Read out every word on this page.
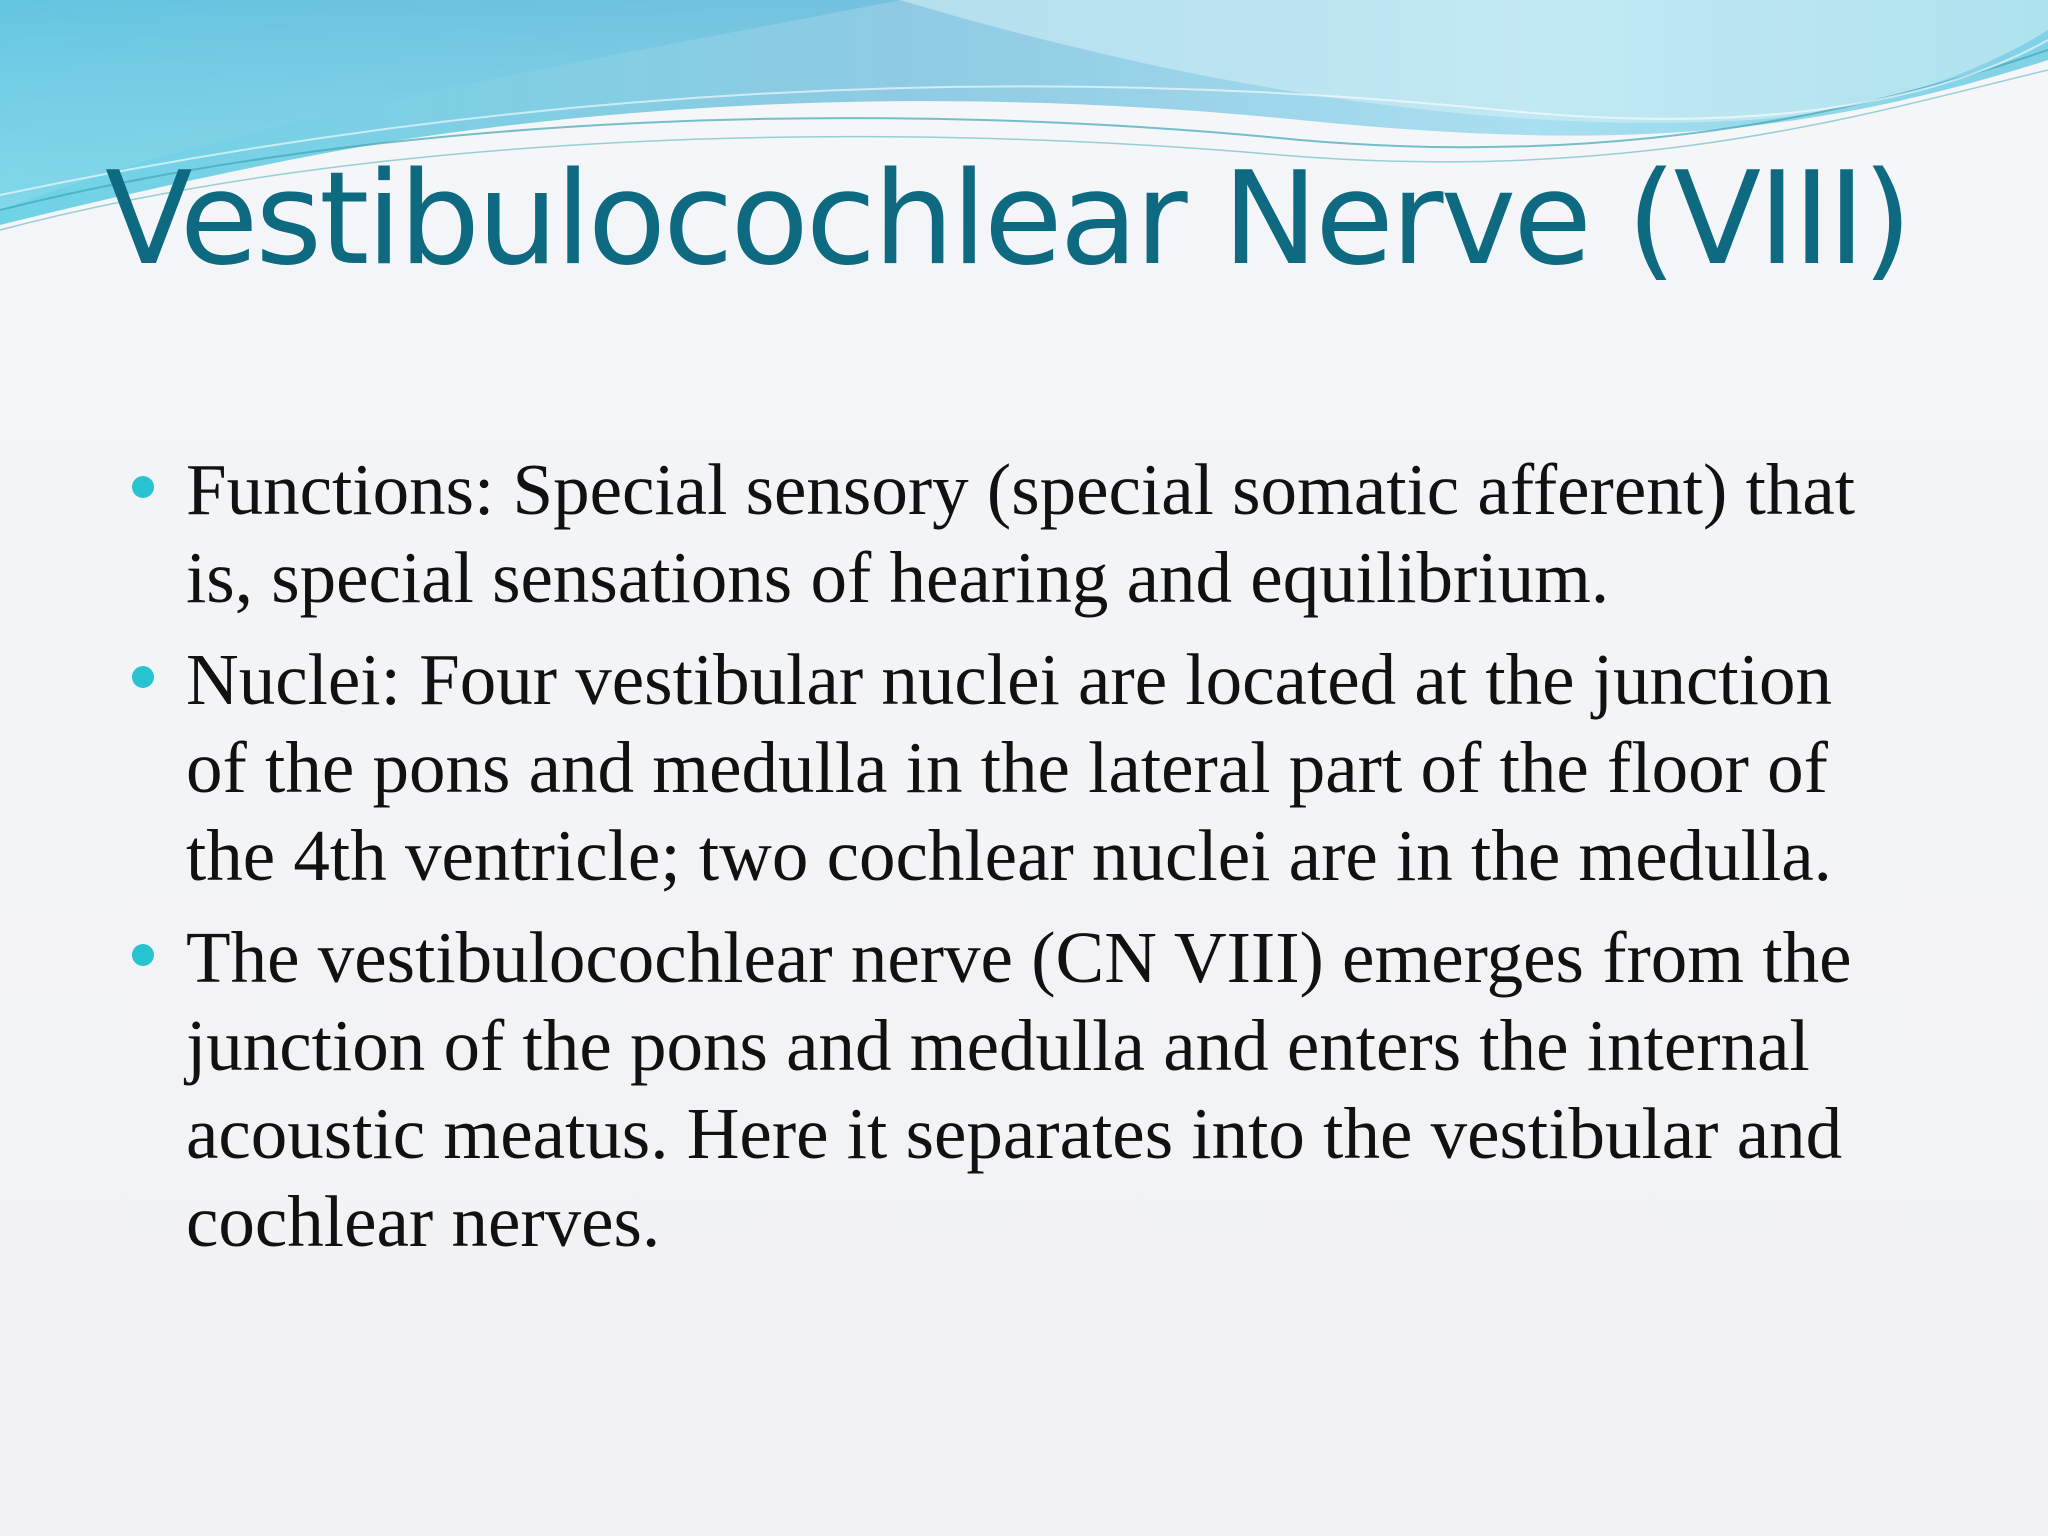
Vestibulocochlear Nerve (VIII)
Functions: Special sensory (special somatic afferent) that is, special sensations of hearing and equilibrium.
Nuclei: Four vestibular nuclei are located at the junction of the pons and medulla in the lateral part of the floor of the 4th ventricle; two cochlear nuclei are in the medulla.
The vestibulocochlear nerve (CN VIII) emerges from the junction of the pons and medulla and enters the internal acoustic meatus. Here it separates into the vestibular and cochlear nerves.
